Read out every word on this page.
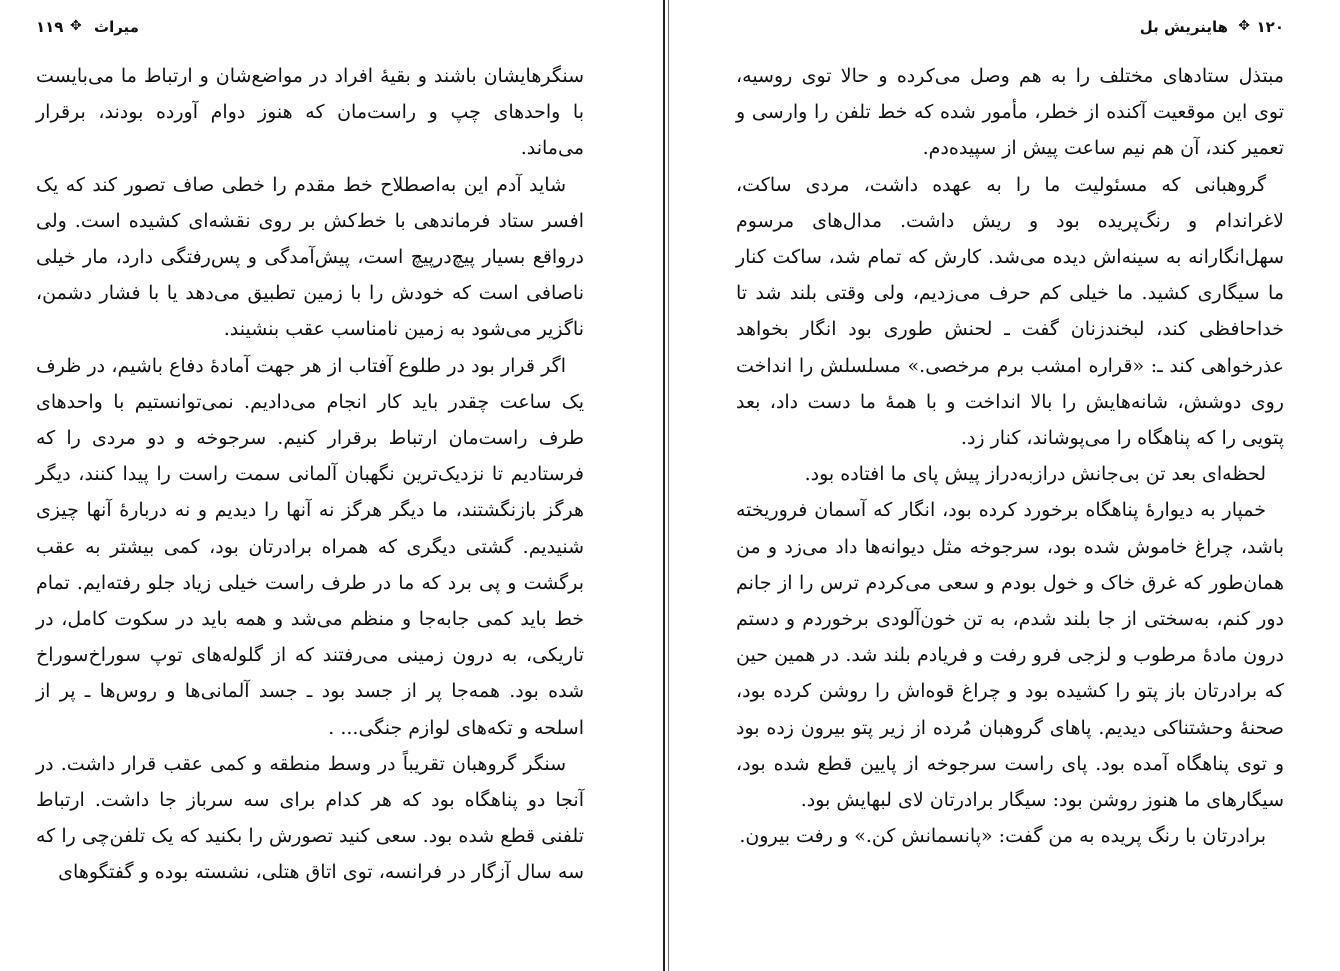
میراث
✥
۱۱۹

سنگرهایشان باشند و بقیهٔ افراد در مواضع‌شان و ارتباط ما می‌بایست با واحدهای چپ و راست‌مان که هنوز دوام آورده بودند، برقرار می‌ماند.

شاید آدم این به‌اصطلاح خط مقدم را خطی صاف تصور کند که یک افسر ستاد فرماندهی با خط‌کش بر روی نقشه‌ای کشیده است. ولی درواقع بسیار پیچ‌درپیچ است، پیش‌آمدگی و پس‌رفتگی دارد، مار خیلی ناصافی است که خودش را با زمین تطبیق می‌دهد یا با فشار دشمن، ناگزیر می‌شود به زمین نامناسب عقب بنشیند.

اگر قرار بود در طلوع آفتاب از هر جهت آمادهٔ دفاع باشیم، در ظرف یک ساعت چقدر باید کار انجام می‌دادیم. نمی‌توانستیم با واحدهای طرف راست‌مان ارتباط برقرار کنیم. سرجوخه و دو مردی را که فرستادیم تا نزدیک‌ترین نگهبان آلمانی سمت راست را پیدا کنند، دیگر هرگز بازنگشتند، ما دیگر هرگز نه آنها را دیدیم و نه دربارهٔ آنها چیزی شنیدیم. گشتی دیگری که همراه برادرتان بود، کمی بیشتر به عقب برگشت و پی برد که ما در طرف راست خیلی زیاد جلو رفته‌ایم. تمام خط باید کمی جابه‌جا و منظم می‌شد و همه باید در سکوت کامل، در تاریکی، به درون زمینی می‌رفتند که از گلوله‌های توپ سوراخ‌سوراخ شده بود. همه‌جا پر از جسد بود ـ جسد آلمانی‌ها و روس‌ها ـ پر از اسلحه و تکه‌های لوازم جنگی... .

سنگر گروهبان تقریباً در وسط منطقه و کمی عقب قرار داشت. در آنجا دو پناهگاه بود که هر کدام برای سه سرباز جا داشت. ارتباط تلفنی قطع شده بود. سعی کنید تصورش را بکنید که یک تلفن‌چی را که سه سال آزگار در فرانسه، توی اتاق هتلی، نشسته بوده و گفتگوهای

۱۲۰
✥
هاینریش بل

مبتذل ستادهای مختلف را به هم وصل می‌کرده و حالا توی روسیه، توی این موقعیت آکنده از خطر، مأمور شده که خط تلفن را وارسی و تعمیر کند، آن هم نیم ساعت پیش از سپیده‌دم.

گروهبانی که مسئولیت ما را به عهده داشت، مردی ساکت، لاغراندام و رنگ‌پریده بود و ریش داشت. مدال‌های مرسوم سهل‌انگارانه به سینه‌اش دیده می‌شد. کارش که تمام شد، ساکت کنار ما سیگاری کشید. ما خیلی کم حرف می‌زدیم، ولی وقتی بلند شد تا خداحافظی کند، لبخندزنان گفت ـ لحنش طوری بود انگار بخواهد عذرخواهی کند ـ: «قراره امشب برم مرخصی.» مسلسلش را انداخت روی دوشش، شانه‌هایش را بالا انداخت و با همهٔ ما دست داد، بعد پتویی را که پناهگاه را می‌پوشاند، کنار زد.

لحظه‌ای بعد تن بی‌جانش درازبه‌دراز پیش پای ما افتاده بود.

خمپار به دیوارهٔ پناهگاه برخورد کرده بود، انگار که آسمان فروریخته باشد، چراغ خاموش شده بود، سرجوخه مثل دیوانه‌ها داد می‌زد و من همان‌طور که غرق خاک و خول بودم و سعی می‌کردم ترس را از جانم دور کنم، به‌سختی از جا بلند شدم، به تن خون‌آلودی برخوردم و دستم درون مادهٔ مرطوب و لزجی فرو رفت و فریادم بلند شد. در همین حین که برادرتان باز پتو را کشیده بود و چراغ قوه‌اش را روشن کرده بود، صحنهٔ وحشتناکی دیدیم. پاهای گروهبان مُرده از زیر پتو بیرون زده بود و توی پناهگاه آمده بود. پای راست سرجوخه از پایین قطع شده بود، سیگارهای ما هنوز روشن بود: سیگار برادرتان لای لبهایش بود.

برادرتان با رنگ پریده به من گفت: «پانسمانش کن.» و رفت بیرون.
